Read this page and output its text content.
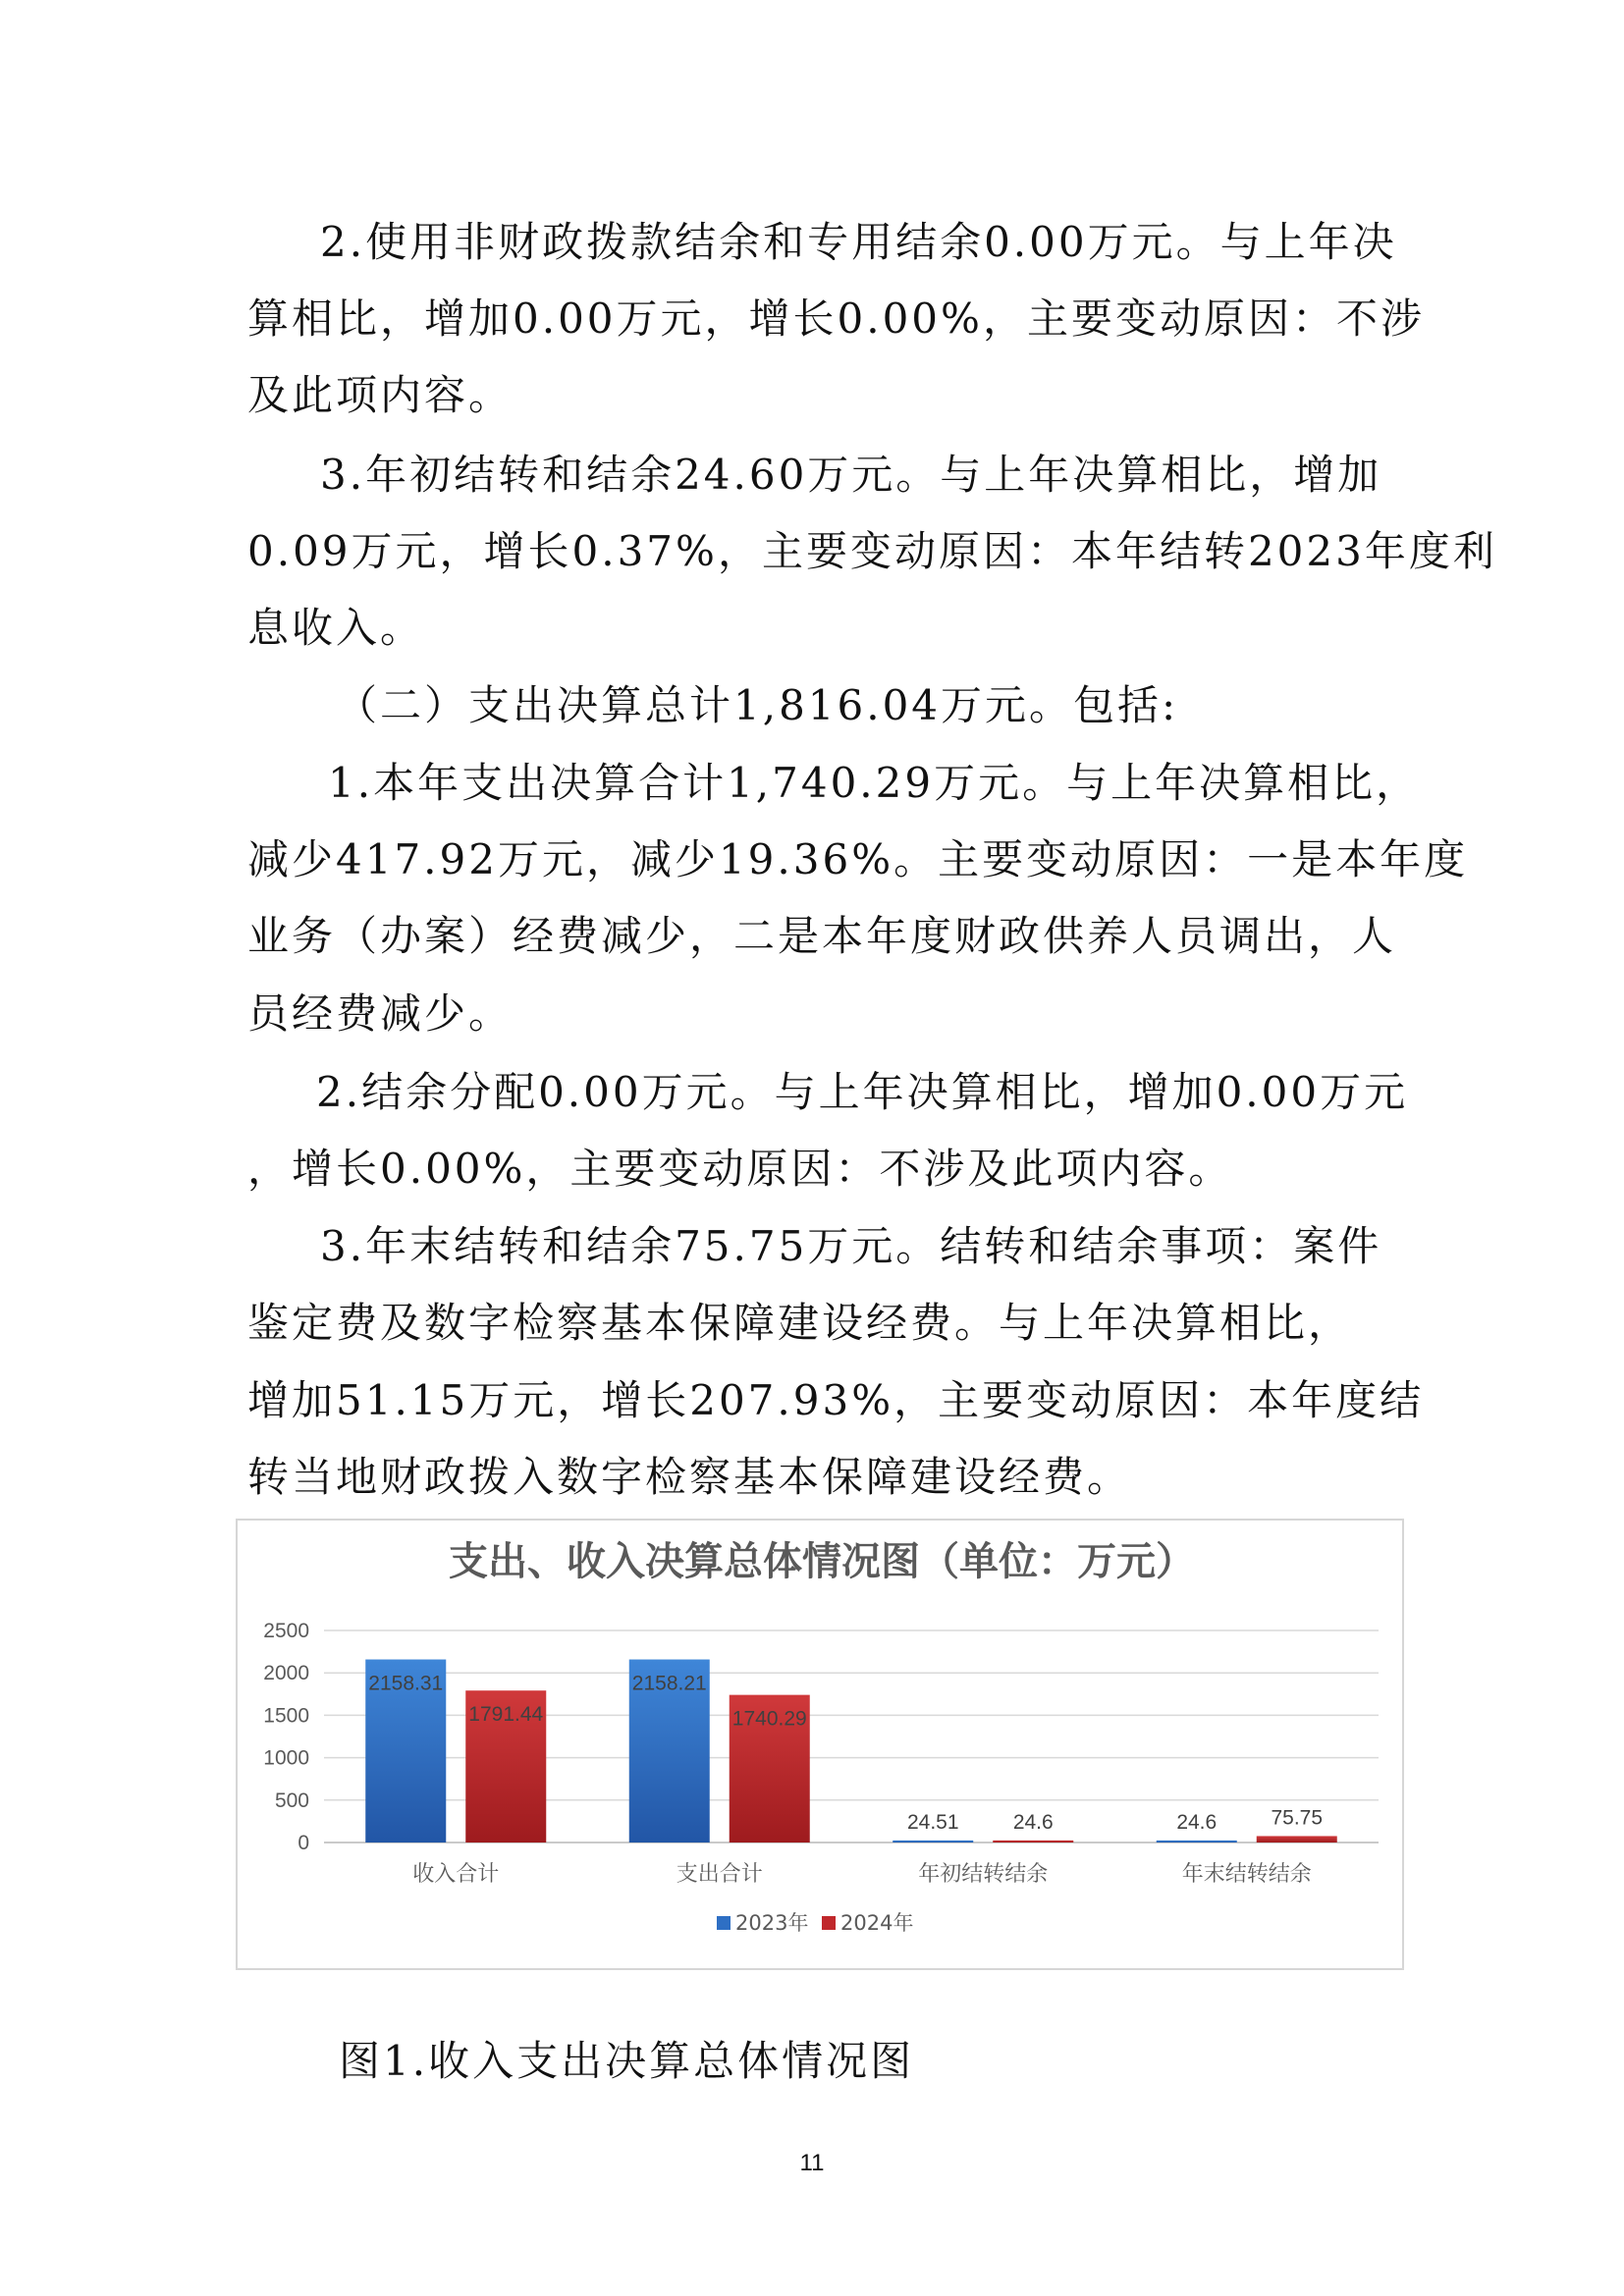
2.使用非财政拨款结余和专用结余0.00万元。与上年决

算相比，增加0.00万元，增长0.00%，主要变动原因：不涉

及此项内容。

3.年初结转和结余24.60万元。与上年决算相比，增加

0.09万元，增长0.37%，主要变动原因：本年结转2023年度利

息收入。

（二）支出决算总计1,816.04万元。包括:

1.本年支出决算合计1,740.29万元。与上年决算相比，

减少417.92万元，减少19.36%。主要变动原因：一是本年度

业务（办案）经费减少，二是本年度财政供养人员调出，人

员经费减少。

2.结余分配0.00万元。与上年决算相比，增加0.00万元

，增长0.00%，主要变动原因：不涉及此项内容。

3.年末结转和结余75.75万元。结转和结余事项：案件

鉴定费及数字检察基本保障建设经费。与上年决算相比，

增加51.15万元，增长207.93%，主要变动原因：本年度结

转当地财政拨入数字检察基本保障建设经费。

支出、收入决算总体情况图（单位：万元）
0
500
1000
1500
2000
2500
2158.31
1791.44
收入合计
2158.21
1740.29
支出合计
24.51	24.6
年初结转结余
24.6	75.75
年末结转结余
2023年 2024年
图1.收入支出决算总体情况图
11
